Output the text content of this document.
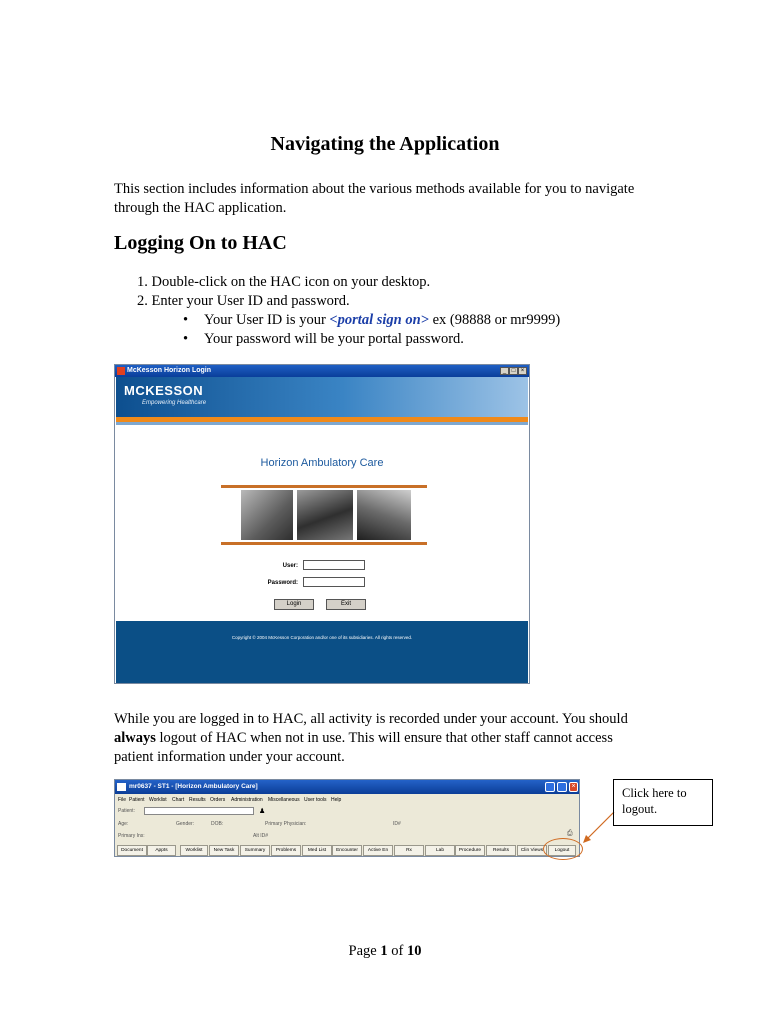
Navigating the Application
This section includes information about the various methods available for you to navigate through the HAC application.
Logging On to HAC
1. Double-click on the HAC icon on your desktop.
2. Enter your User ID and password.
• Your User ID is your <portal sign on> ex (98888 or mr9999)
• Your password will be your portal password.
McKesson Horizon Login	_ □ ×
MCKESSON
Empowering Healthcare
Horizon Ambulatory Care
User:
Password:
Login	Exit
Copyright © 2004 McKesson Corporation and/or one of its subsidiaries. All rights reserved.
While you are logged in to HAC, all activity is recorded under your account. You should
always logout of HAC when not in use. This will ensure that other staff cannot access
patient information under your account.
mr0637 - ST1 - [Horizon Ambulatory Care]	×
File Patient Worklist Chart Results Orders Administration Miscellaneous User tools Help
Patient:	♟
Age:	Gender:	DOB:	Primary Physician:	ID#
Primary Ins:	Alt ID#	⎙
Document	Appts	Worklist	New Task	Summary	Problems	Med List	Encounter	Active En	Rx	Lab	Procedure	Results	Clin Views	Logout
Click here to
logout.
Page 1 of 10
